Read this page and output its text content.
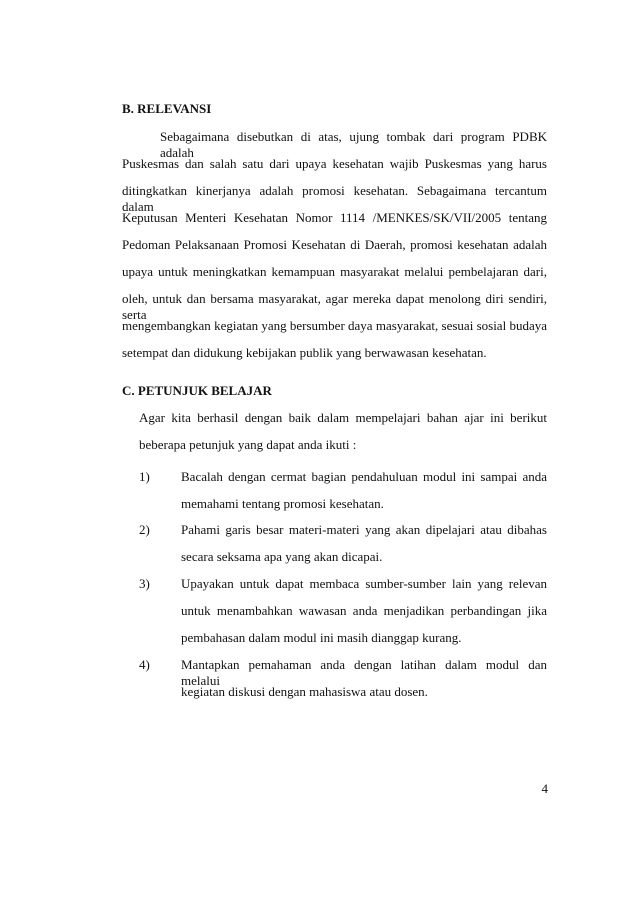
B. RELEVANSI
Sebagaimana disebutkan di atas, ujung tombak dari program PDBK adalah
Puskesmas dan salah satu dari upaya kesehatan wajib Puskesmas yang harus
ditingkatkan kinerjanya adalah promosi kesehatan. Sebagaimana tercantum dalam
Keputusan Menteri Kesehatan Nomor 1114 /MENKES/SK/VII/2005 tentang
Pedoman Pelaksanaan Promosi Kesehatan di Daerah, promosi kesehatan adalah
upaya untuk meningkatkan kemampuan masyarakat melalui pembelajaran dari,
oleh, untuk dan bersama masyarakat, agar mereka dapat menolong diri sendiri, serta
mengembangkan kegiatan yang bersumber daya masyarakat, sesuai sosial budaya
setempat dan didukung kebijakan publik yang berwawasan kesehatan.
C. PETUNJUK BELAJAR
Agar kita berhasil dengan baik dalam mempelajari bahan ajar ini berikut
beberapa petunjuk yang dapat anda ikuti :
1) Bacalah dengan cermat bagian pendahuluan modul ini sampai anda
memahami tentang promosi kesehatan.
2) Pahami garis besar materi-materi yang akan dipelajari atau dibahas
secara seksama apa yang akan dicapai.
3) Upayakan untuk dapat membaca sumber-sumber lain yang relevan
untuk menambahkan wawasan anda menjadikan perbandingan jika
pembahasan dalam modul ini masih dianggap kurang.
4) Mantapkan pemahaman anda dengan latihan dalam modul dan melalui
kegiatan diskusi dengan mahasiswa atau dosen.
4
